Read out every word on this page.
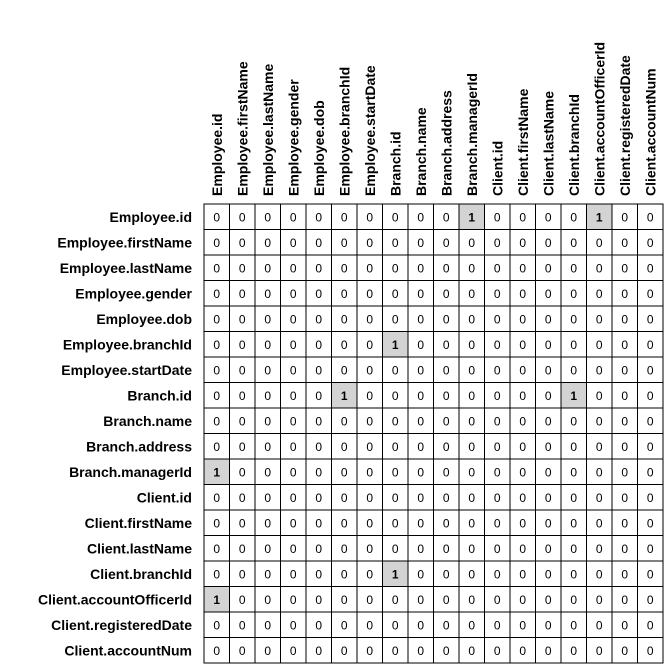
Employee.id Employee.firstName Employee.lastName Employee.gender Employee.dob Employee.branchId Employee.startDate Branch.id Branch.name Branch.address Branch.managerId Client.id Client.firstName Client.lastName Client.branchId Client.accountOfficerId Client.registeredDate Client.accountNum
Employee.id
Employee.firstName
Employee.lastName
Employee.gender
Employee.dob
Employee.branchId
Employee.startDate
Branch.id
Branch.name
Branch.address
Branch.managerId
Client.id
Client.firstName
Client.lastName
Client.branchId
Client.accountOfficerId
Client.registeredDate
Client.accountNum
0 0 0 0 0 0 0 0 0 0 1 0 0 0 0 1 0 0
0 0 0 0 0 0 0 0 0 0 0 0 0 0 0 0 0 0
0 0 0 0 0 0 0 0 0 0 0 0 0 0 0 0 0 0
0 0 0 0 0 0 0 0 0 0 0 0 0 0 0 0 0 0
0 0 0 0 0 0 0 0 0 0 0 0 0 0 0 0 0 0
0 0 0 0 0 0 0 1 0 0 0 0 0 0 0 0 0 0
0 0 0 0 0 0 0 0 0 0 0 0 0 0 0 0 0 0
0 0 0 0 0 1 0 0 0 0 0 0 0 0 1 0 0 0
0 0 0 0 0 0 0 0 0 0 0 0 0 0 0 0 0 0
0 0 0 0 0 0 0 0 0 0 0 0 0 0 0 0 0 0
1 0 0 0 0 0 0 0 0 0 0 0 0 0 0 0 0 0
0 0 0 0 0 0 0 0 0 0 0 0 0 0 0 0 0 0
0 0 0 0 0 0 0 0 0 0 0 0 0 0 0 0 0 0
0 0 0 0 0 0 0 0 0 0 0 0 0 0 0 0 0 0
0 0 0 0 0 0 0 1 0 0 0 0 0 0 0 0 0 0
1 0 0 0 0 0 0 0 0 0 0 0 0 0 0 0 0 0
0 0 0 0 0 0 0 0 0 0 0 0 0 0 0 0 0 0
0 0 0 0 0 0 0 0 0 0 0 0 0 0 0 0 0 0
